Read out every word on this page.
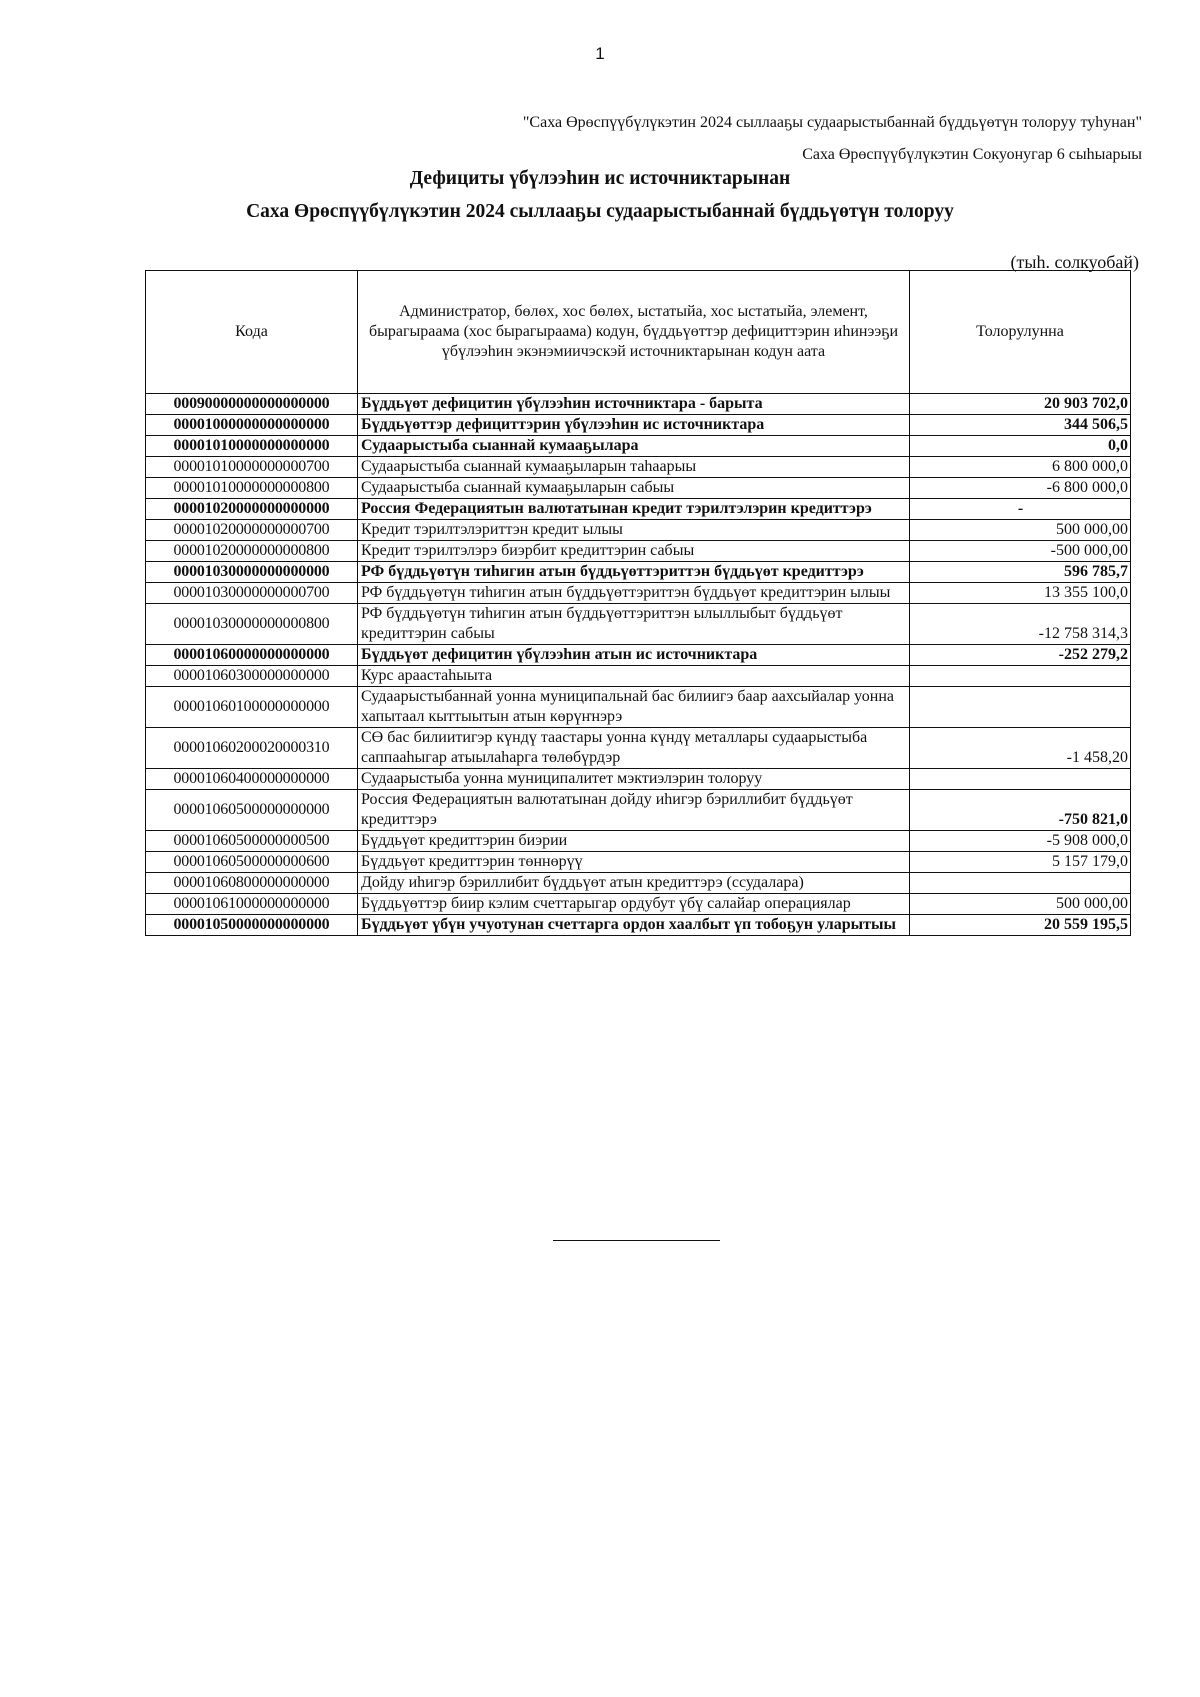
1
"Саха Өрөспүүбүлүкэтин 2024 сыллааҕы судаарыстыбаннай бүддьүөтүн толоруу туһунан"
Саха Өрөспүүбүлүкэтин Сокуонугар 6 сыһыарыы
Дефициты үбүлээһин ис источниктарынан
Саха Өрөспүүбүлүкэтин 2024 сыллааҕы судаарыстыбаннай бүддьүөтүн толоруу
(тыһ. солкуобай)
Кода	Администратор, бөлөх, хос бөлөх, ыстатыйа, хос ыстатыйа, элемент, бырагыраама (хос бырагыраама) кодун, бүддьүөттэр дефициттэрин иһинээҕи үбүлээһин экэнэмиичэскэй источниктарынан кодун аата	Толорулунна
00090000000000000000	Бүддьүөт дефицитин үбүлээһин источниктара - барыта	20 903 702,0
00001000000000000000	Бүддьүөттэр дефициттэрин үбүлээһин ис источниктара	344 506,5
00001010000000000000	Судаарыстыба сыаннай кумааҕылара	0,0
00001010000000000700	Судаарыстыба сыаннай кумааҕыларын таһаарыы	6 800 000,0
00001010000000000800	Судаарыстыба сыаннай кумааҕыларын сабыы	-6 800 000,0
00001020000000000000	Россия Федерациятын валютатынан кредит тэрилтэлэрин кредиттэрэ	-
00001020000000000700	Кредит тэрилтэлэриттэн кредит ылыы	500 000,00
00001020000000000800	Кредит тэрилтэлэрэ биэрбит кредиттэрин сабыы	-500 000,00
00001030000000000000	РФ бүддьүөтүн тиһигин атын бүддьүөттэриттэн бүддьүөт кредиттэрэ	596 785,7
00001030000000000700	РФ бүддьүөтүн тиһигин атын бүддьүөттэриттэн бүддьүөт кредиттэрин ылыы	13 355 100,0
00001030000000000800	РФ бүддьүөтүн тиһигин атын бүддьүөттэриттэн ылыллыбыт бүддьүөт кредиттэрин сабыы	-12 758 314,3
00001060000000000000	Бүддьүөт дефицитин үбүлээһин атын ис источниктара	-252 279,2
00001060300000000000	Курс араастаһыыта	
00001060100000000000	Судаарыстыбаннай уонна муниципальнай бас билиигэ баар аахсыйалар уонна хапытаал кыттыытын атын көрүҥнэрэ	
00001060200020000310	СӨ бас билиитигэр күндү таастары уонна күндү металлары судаарыстыба саппааһыгар атыылаһарга төлөбүрдэр	-1 458,20
00001060400000000000	Судаарыстыба уонна муниципалитет мэктиэлэрин толоруу	
00001060500000000000	Россия Федерациятын валютатынан дойду иһигэр бэриллибит бүддьүөт кредиттэрэ	-750 821,0
00001060500000000500	Бүддьүөт кредиттэрин биэрии	-5 908 000,0
00001060500000000600	Бүддьүөт кредиттэрин төннөрүү	5 157 179,0
00001060800000000000	Дойду иһигэр бэриллибит бүддьүөт атын кредиттэрэ (ссудалара)	
00001061000000000000	Бүддьүөттэр биир кэлим счеттарыгар ордубут үбү салайар операциялар	500 000,00
00001050000000000000	Бүддьүөт үбүн учуотунан счеттарга ордон хаалбыт үп тобоҕун уларытыы	20 559 195,5
